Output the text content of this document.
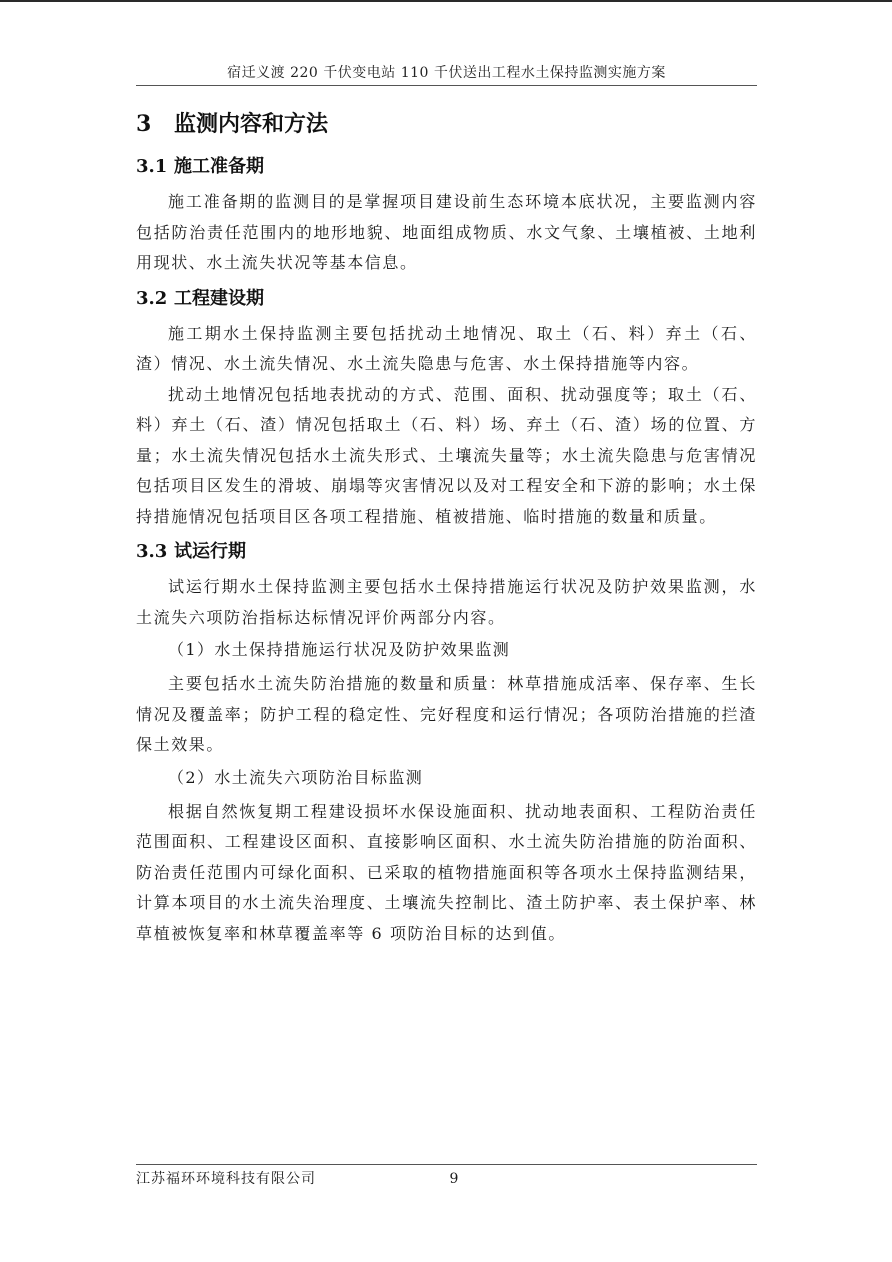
宿迁义渡 220 千伏变电站 110 千伏送出工程水土保持监测实施方案
3 监测内容和方法
3.1 施工准备期

施工准备期的监测目的是掌握项目建设前生态环境本底状况，主要监测内容包括防治责任范围内的地形地貌、地面组成物质、水文气象、土壤植被、土地利用现状、水土流失状况等基本信息。

3.2 工程建设期

施工期水土保持监测主要包括扰动土地情况、取土（石、料）弃土（石、渣）情况、水土流失情况、水土流失隐患与危害、水土保持措施等内容。

扰动土地情况包括地表扰动的方式、范围、面积、扰动强度等；取土（石、料）弃土（石、渣）情况包括取土（石、料）场、弃土（石、渣）场的位置、方量；水土流失情况包括水土流失形式、土壤流失量等；水土流失隐患与危害情况包括项目区发生的滑坡、崩塌等灾害情况以及对工程安全和下游的影响；水土保持措施情况包括项目区各项工程措施、植被措施、临时措施的数量和质量。

3.3 试运行期

试运行期水土保持监测主要包括水土保持措施运行状况及防护效果监测，水土流失六项防治指标达标情况评价两部分内容。

（1）水土保持措施运行状况及防护效果监测

主要包括水土流失防治措施的数量和质量：林草措施成活率、保存率、生长情况及覆盖率；防护工程的稳定性、完好程度和运行情况；各项防治措施的拦渣保土效果。

（2）水土流失六项防治目标监测

根据自然恢复期工程建设损坏水保设施面积、扰动地表面积、工程防治责任范围面积、工程建设区面积、直接影响区面积、水土流失防治措施的防治面积、防治责任范围内可绿化面积、已采取的植物措施面积等各项水土保持监测结果，计算本项目的水土流失治理度、土壤流失控制比、渣土防护率、表土保护率、林草植被恢复率和林草覆盖率等 6 项防治目标的达到值。

江苏福环环境科技有限公司	9
